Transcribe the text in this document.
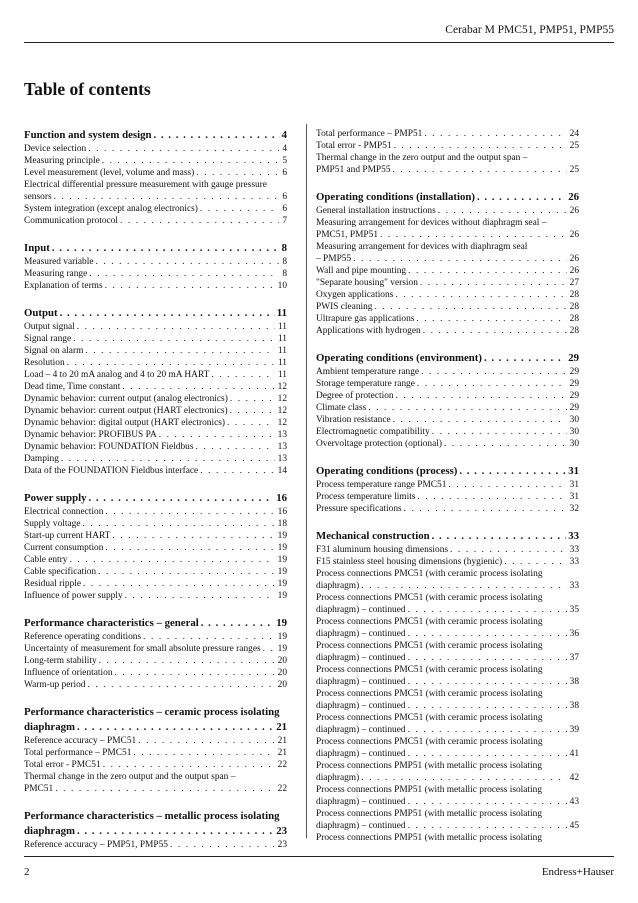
Cerabar M PMC51, PMP51, PMP55
Table of contents
Function and system design . . .	4
Device selection . . .	4
Measuring principle . . .	5
Level measurement (level, volume and mass) . . .	6
Electrical differential pressure measurement with gauge pressure
sensors . . .	6
System integration (except analog electronics) . . .	6
Communication protocol . . .	7
Input . . .	8
Measured variable . . .	8
Measuring range . . .	8
Explanation of terms . . .	10
Output . . .	11
Output signal . . .	11
Signal range . . .	11
Signal on alarm . . .	11
Resolution . . .	11
Load – 4 to 20 mA analog and 4 to 20 mA HART . . .	11
Dead time, Time constant . . .	12
Dynamic behavior: current output (analog electronics) . . .	12
Dynamic behavior: current output (HART electronics) . . .	12
Dynamic behavior: digital output (HART electronics) . . .	12
Dynamic behavior: PROFIBUS PA . . .	13
Dynamic behavior: FOUNDATION Fieldbus . . .	13
Damping . . .	13
Data of the FOUNDATION Fieldbus interface . . .	14
Power supply . . .	16
Electrical connection . . .	16
Supply voltage . . .	18
Start-up current HART . . .	19
Current consumption . . .	19
Cable entry . . .	19
Cable specification . . .	19
Residual ripple . . .	19
Influence of power supply . . .	19
Performance characteristics – general . . .	19
Reference operating conditions . . .	19
Uncertainty of measurement for small absolute pressure ranges . . . 19
Long-term stability . . .	20
Influence of orientation . . .	20
Warm-up period . . .	20
Performance characteristics – ceramic process isolating
diaphragm . . .	21
Reference accuracy – PMC51 . . .	21
Total performance – PMC51 . . .	21
Total error - PMC51 . . .	22
Thermal change in the zero output and the output span –
PMC51 . . .	22
Performance characteristics – metallic process isolating
diaphragm . . .	23
Reference accuracy – PMP51, PMP55 . . .	23
Total performance – PMP51 . . .	24
Total error - PMP51 . . .	25
Thermal change in the zero output and the output span –
PMP51 and PMP55 . . .	25
Operating conditions (installation) . . .	26
General installation instructions . . .	26
Measuring arrangement for devices without diaphragm seal –
PMC51, PMP51 . . .	26
Measuring arrangement for devices with diaphragm seal
– PMP55 . . .	26
Wall and pipe mounting . . .	26
"Separate housing" version . . .	27
Oxygen applications . . .	28
PWIS cleaning . . .	28
Ultrapure gas applications . . .	28
Applications with hydrogen . . .	28
Operating conditions (environment) . . .	29
Ambient temperature range . . .	29
Storage temperature range . . .	29
Degree of protection . . .	29
Climate class . . .	29
Vibration resistance . . .	30
Electromagnetic compatibility . . .	30
Overvoltage protection (optional) . . .	30
Operating conditions (process) . . .	31
Process temperature range PMC51 . . .	31
Process temperature limits . . .	31
Pressure specifications . . .	32
Mechanical construction . . .	33
F31 aluminum housing dimensions . . .	33
F15 stainless steel housing dimensions (hygienic) . . .	33
Process connections PMC51 (with ceramic process isolating
diaphragm) . . .	33
Process connections PMC51 (with ceramic process isolating
diaphragm) – continued . . .	35
Process connections PMC51 (with ceramic process isolating
diaphragm) – continued . . .	36
Process connections PMC51 (with ceramic process isolating
diaphragm) – continued . . .	37
Process connections PMC51 (with ceramic process isolating
diaphragm) – continued . . .	38
Process connections PMC51 (with ceramic process isolating
diaphragm) – continued . . .	38
Process connections PMC51 (with ceramic process isolating
diaphragm) – continued . . .	39
Process connections PMC51 (with ceramic process isolating
diaphragm) – continued . . .	41
Process connections PMP51 (with metallic process isolating
diaphragm) . . .	42
Process connections PMP51 (with metallic process isolating
diaphragm) – continued . . .	43
Process connections PMP51 (with metallic process isolating
diaphragm) – continued . . .	45
Process connections PMP51 (with metallic process isolating
2	Endress+Hauser
